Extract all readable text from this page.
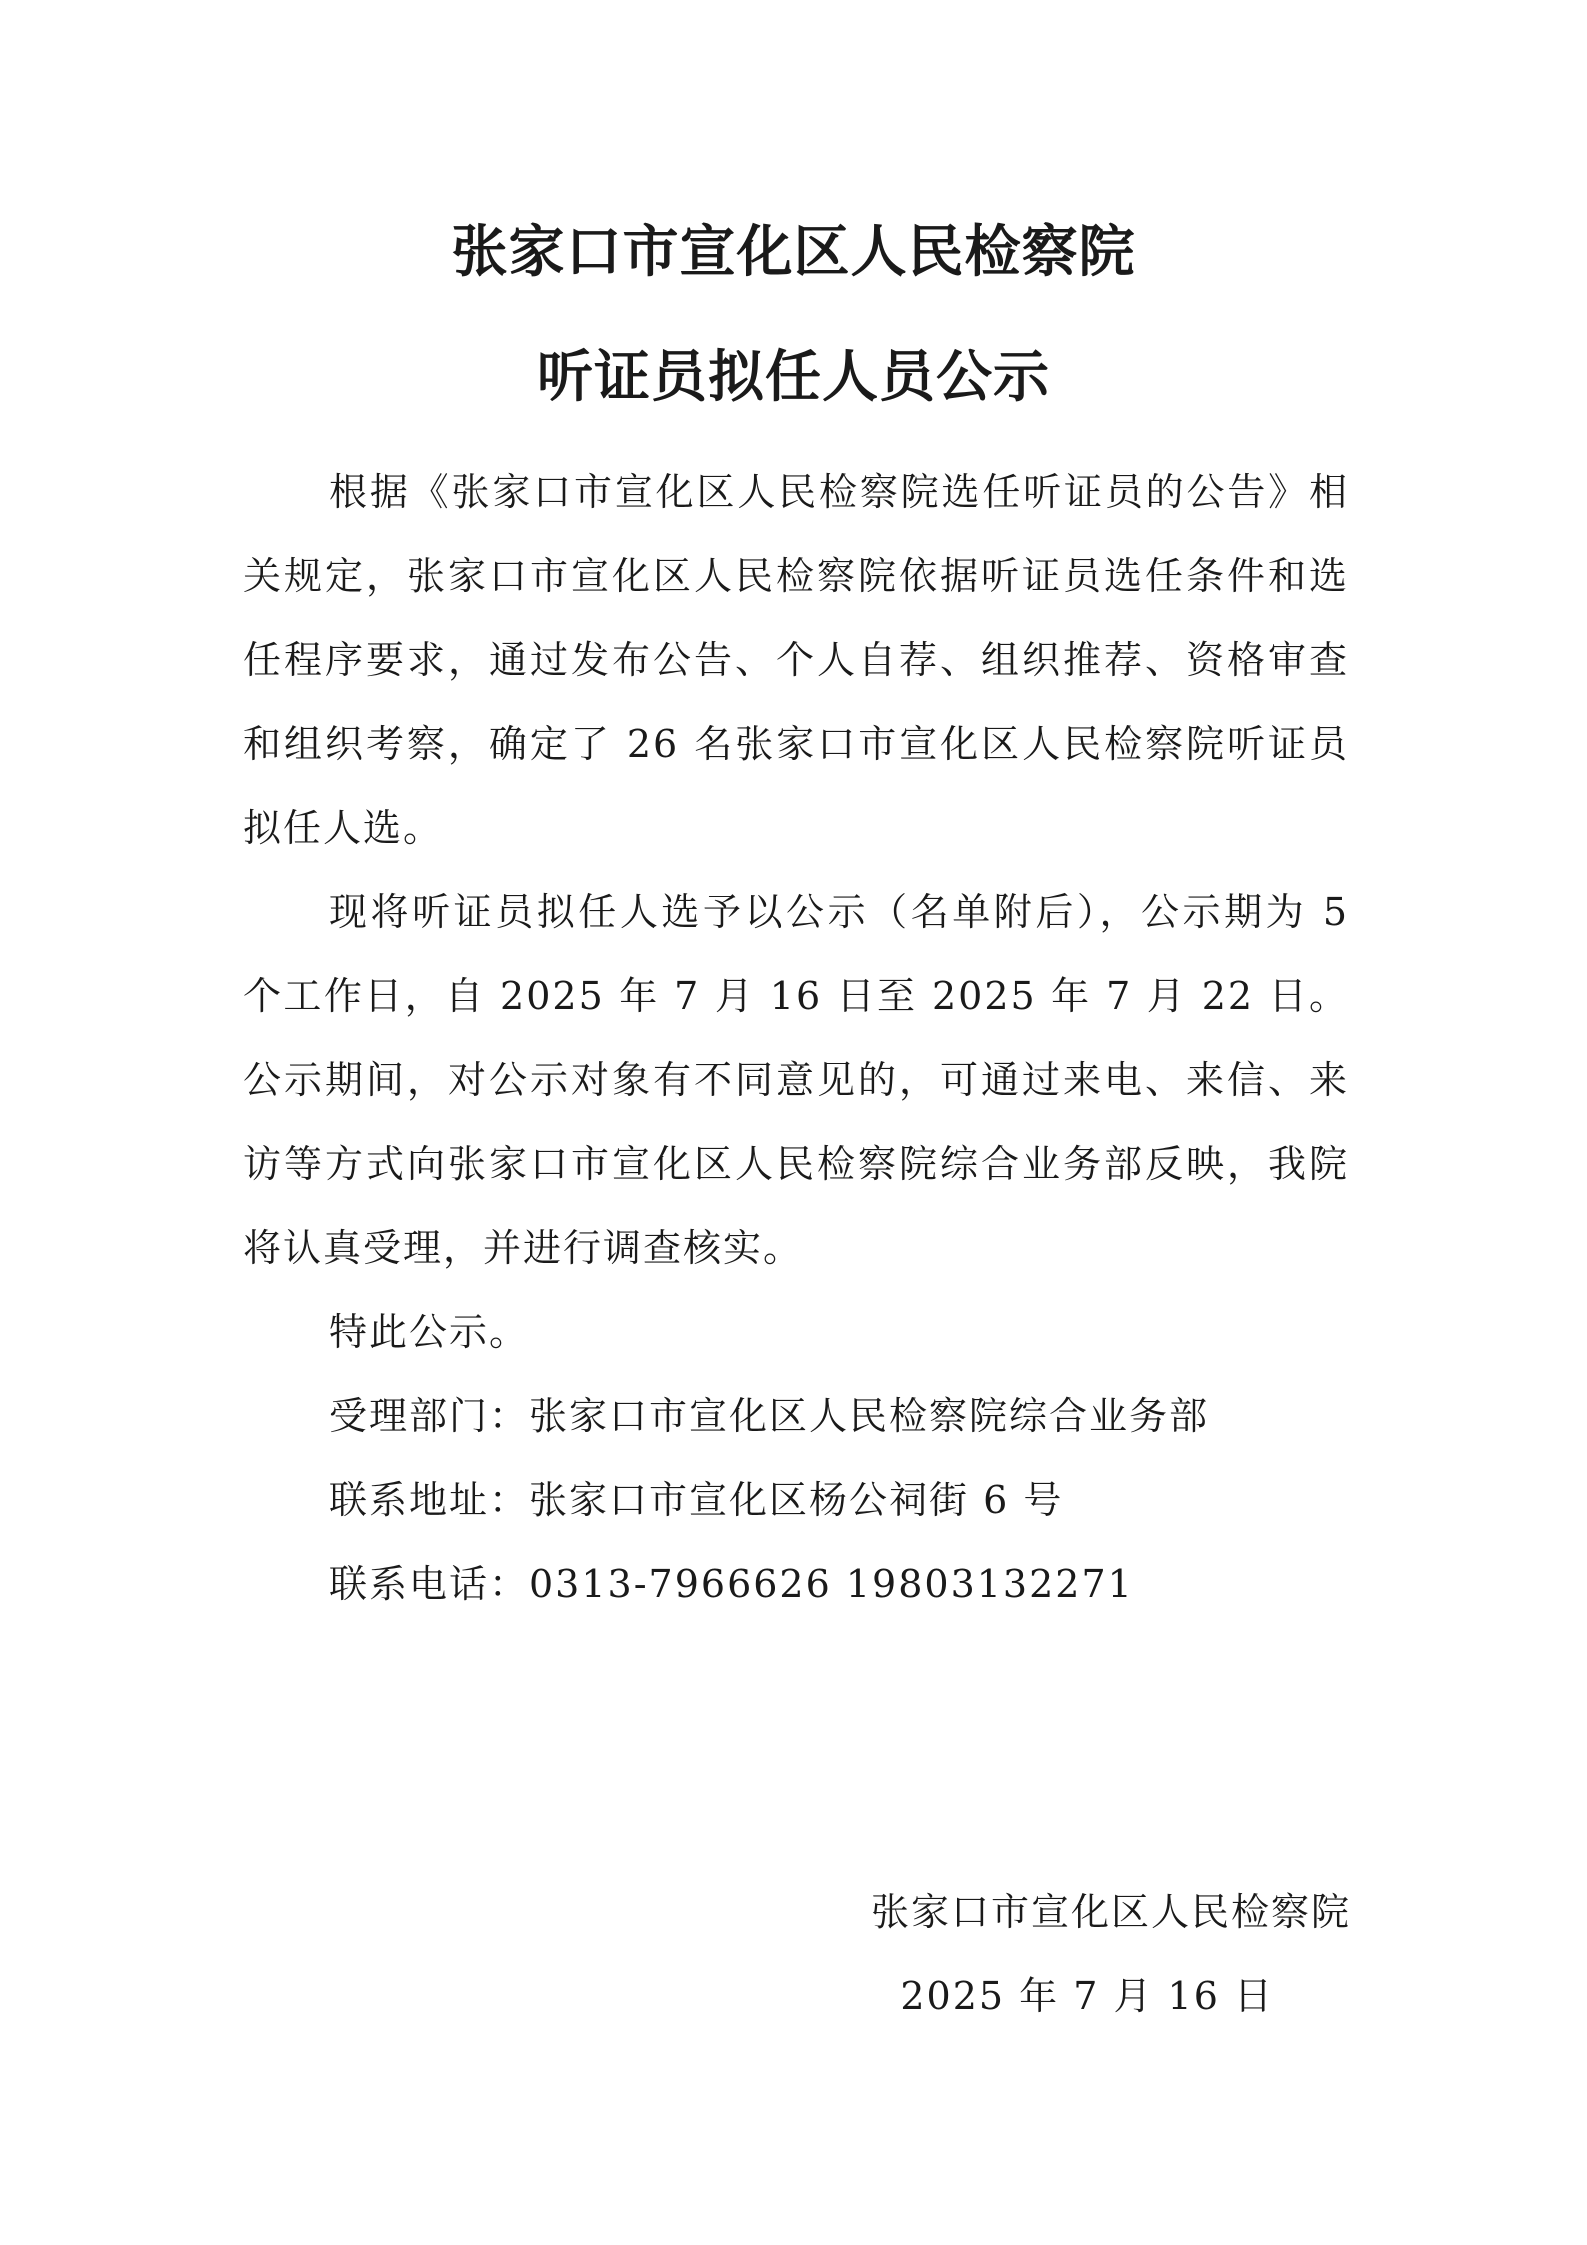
张家口市宣化区人民检察院
听证员拟任人员公示

根据《张家口市宣化区人民检察院选任听证员的公告》相关规定，张家口市宣化区人民检察院依据听证员选任条件和选任程序要求，通过发布公告、个人自荐、组织推荐、资格审查和组织考察，确定了 26 名张家口市宣化区人民检察院听证员拟任人选。

现将听证员拟任人选予以公示（名单附后），公示期为 5 个工作日，自 2025 年 7 月 16 日至 2025 年 7 月 22 日。公示期间，对公示对象有不同意见的，可通过来电、来信、来访等方式向张家口市宣化区人民检察院综合业务部反映，我院将认真受理，并进行调查核实。

特此公示。

受理部门：张家口市宣化区人民检察院综合业务部

联系地址：张家口市宣化区杨公祠街 6 号

联系电话：0313-7966626 19803132271

张家口市宣化区人民检察院

2025 年 7 月 16 日
